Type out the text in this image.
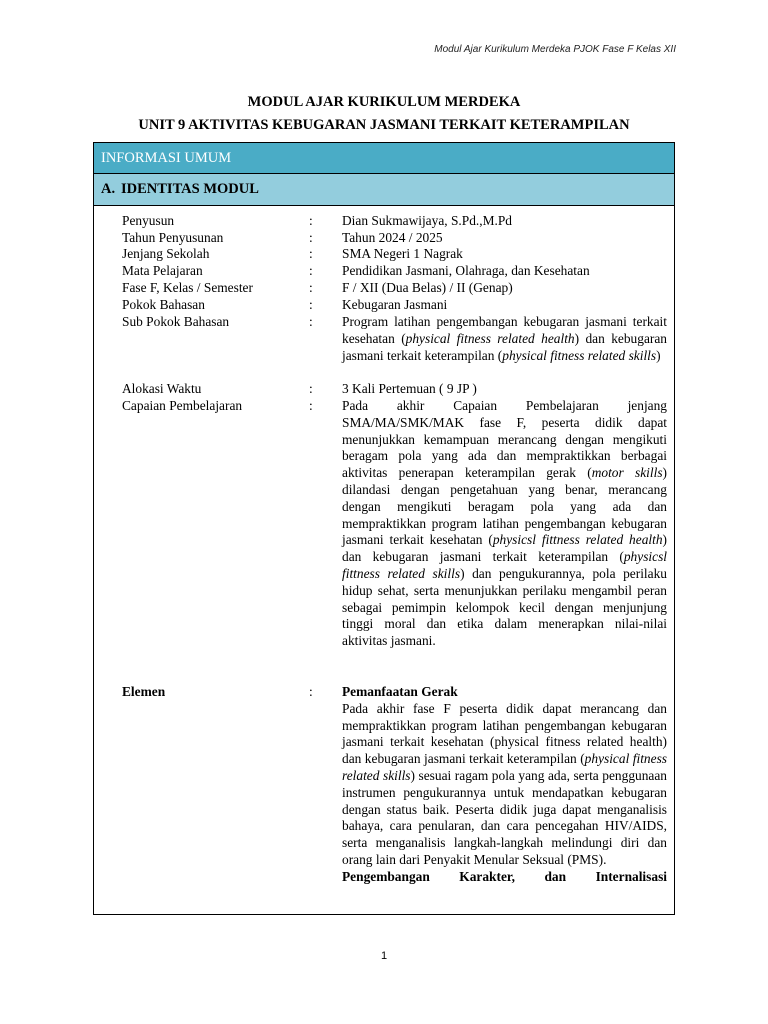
Modul Ajar Kurikulum Merdeka PJOK Fase F Kelas XII
MODUL AJAR KURIKULUM MERDEKA
UNIT 9 AKTIVITAS KEBUGARAN JASMANI TERKAIT KETERAMPILAN
INFORMASI UMUM
A. IDENTITAS MODUL
Penyusun	: Dian Sukmawijaya, S.Pd.,M.Pd
Tahun Penyusunan	: Tahun 2024 / 2025
Jenjang Sekolah	: SMA Negeri 1 Nagrak
Mata Pelajaran	: Pendidikan Jasmani, Olahraga, dan Kesehatan
Fase F, Kelas / Semester	: F / XII (Dua Belas) / II (Genap)
Pokok Bahasan	: Kebugaran Jasmani
Sub Pokok Bahasan	: Program latihan pengembangan kebugaran jasmani terkait kesehatan (physical fitness related health) dan kebugaran jasmani terkait keterampilan (physical fitness related skills)

Alokasi Waktu	: 3 Kali Pertemuan ( 9 JP )
Capaian Pembelajaran	: Pada akhir Capaian Pembelajaran jenjang SMA/MA/SMK/MAK fase F, peserta didik dapat menunjukkan kemampuan merancang dengan mengikuti beragam pola yang ada dan mempraktikkan berbagai aktivitas penerapan keterampilan gerak (motor skills) dilandasi dengan pengetahuan yang benar, merancang dengan mengikuti beragam pola yang ada dan mempraktikkan program latihan pengembangan kebugaran jasmani terkait kesehatan (physicsl fittness related health) dan kebugaran jasmani terkait keterampilan (physicsl fittness related skills) dan pengukurannya, pola perilaku hidup sehat, serta menunjukkan perilaku mengambil peran sebagai pemimpin kelompok kecil dengan menjunjung tinggi moral dan etika dalam menerapkan nilai-nilai aktivitas jasmani.

Elemen	: Pemanfaatan Gerak

Pada akhir fase F peserta didik dapat merancang dan mempraktikkan program latihan pengembangan kebugaran jasmani terkait kesehatan (physical fitness related health) dan kebugaran jasmani terkait keterampilan (physical fitness related skills) sesuai ragam pola yang ada, serta penggunaan instrumen pengukurannya untuk mendapatkan kebugaran dengan status baik. Peserta didik juga dapat menganalisis bahaya, cara penularan, dan cara pencegahan HIV/AIDS, serta menganalisis langkah-langkah melindungi diri dan orang lain dari Penyakit Menular Seksual (PMS).

Pengembangan Karakter, dan Internalisasi
1
